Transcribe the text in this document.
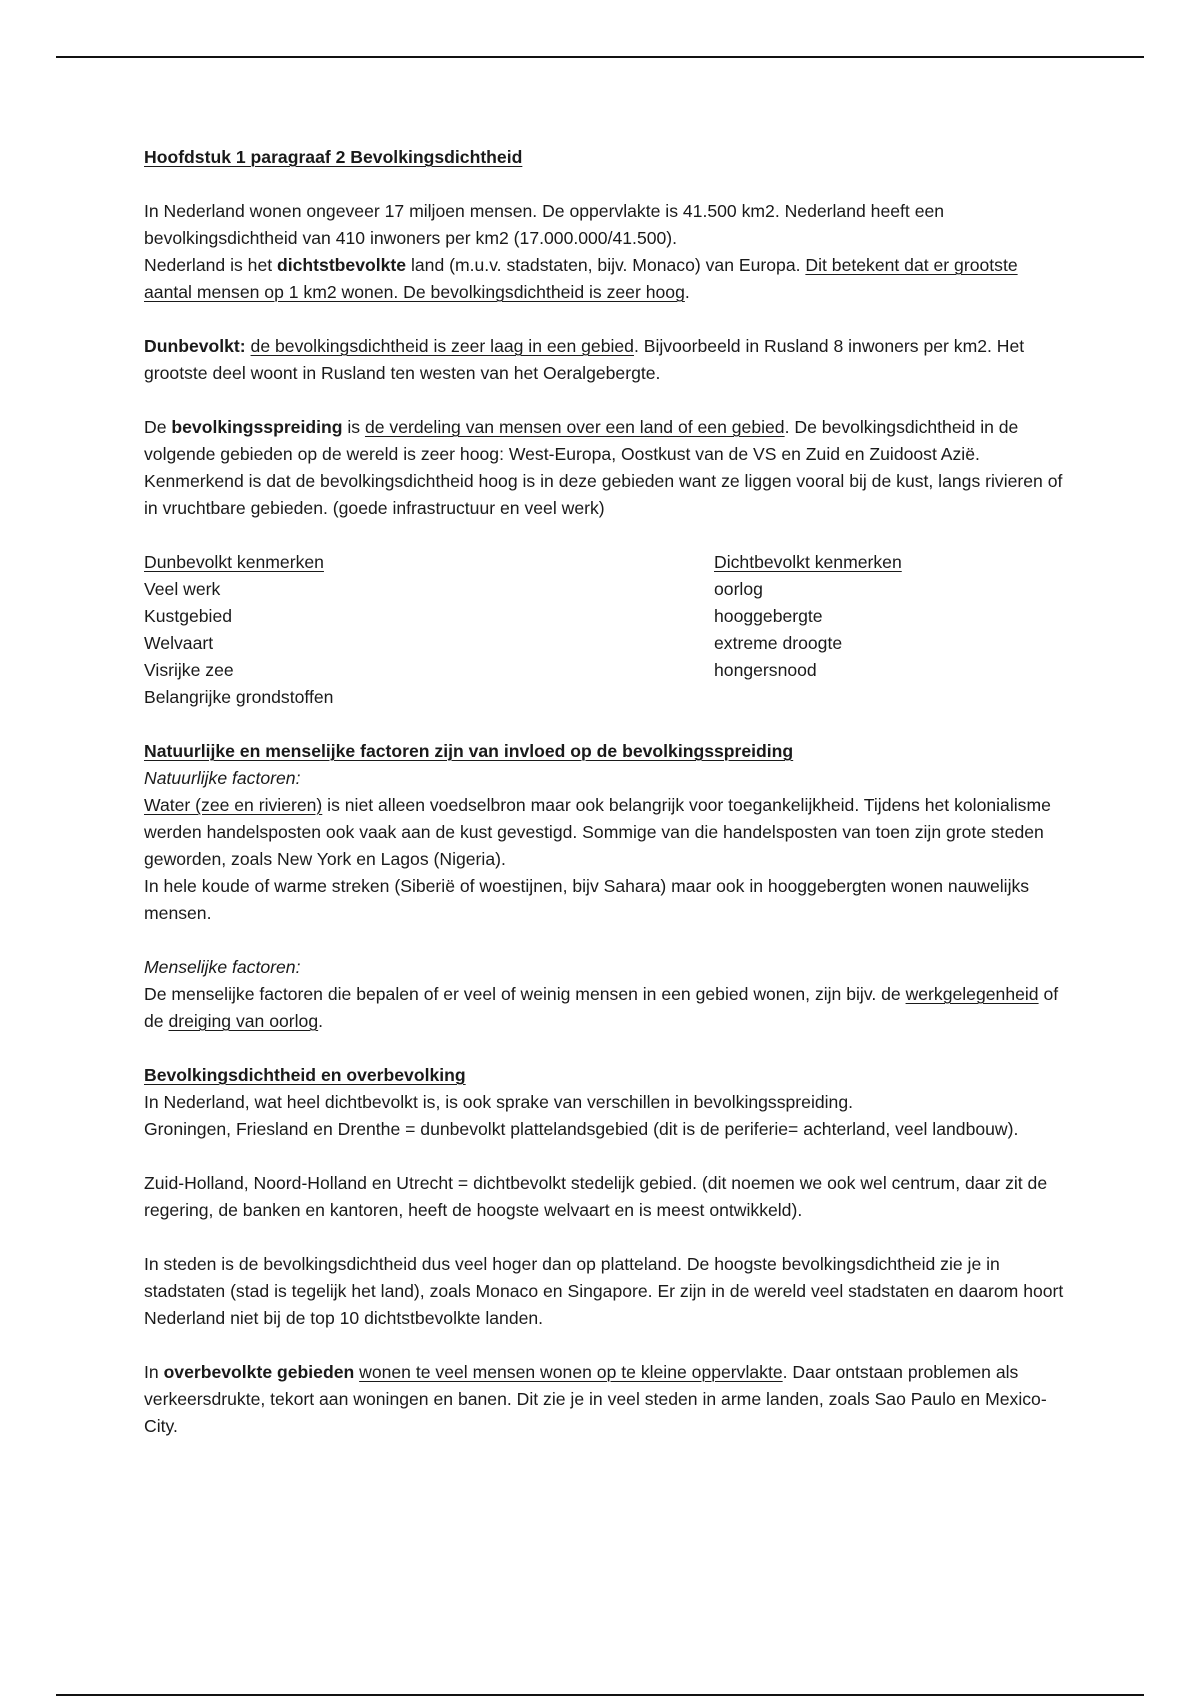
Hoofdstuk 1 paragraaf 2 Bevolkingsdichtheid

In Nederland wonen ongeveer 17 miljoen mensen. De oppervlakte is 41.500 km2. Nederland heeft een bevolkingsdichtheid van 410 inwoners per km2 (17.000.000/41.500).
Nederland is het dichtstbevolkte land (m.u.v. stadstaten, bijv. Monaco) van Europa. Dit betekent dat er grootste aantal mensen op 1 km2 wonen. De bevolkingsdichtheid is zeer hoog.

Dunbevolkt: de bevolkingsdichtheid is zeer laag in een gebied. Bijvoorbeeld in Rusland 8 inwoners per km2. Het grootste deel woont in Rusland ten westen van het Oeralgebergte.

De bevolkingsspreiding is de verdeling van mensen over een land of een gebied. De bevolkingsdichtheid in de volgende gebieden op de wereld is zeer hoog: West-Europa, Oostkust van de VS en Zuid en Zuidoost Azië. Kenmerkend is dat de bevolkingsdichtheid hoog is in deze gebieden want ze liggen vooral bij de kust, langs rivieren of in vruchtbare gebieden. (goede infrastructuur en veel werk)

Dunbevolkt kenmerken
Veel werk
Kustgebied
Welvaart
Visrijke zee
Belangrijke grondstoffen
Dichtbevolkt kenmerken
oorlog
hooggebergte
extreme droogte
hongersnood

Natuurlijke en menselijke factoren zijn van invloed op de bevolkingsspreiding

Natuurlijke factoren:

Water (zee en rivieren) is niet alleen voedselbron maar ook belangrijk voor toegankelijkheid. Tijdens het kolonialisme werden handelsposten ook vaak aan de kust gevestigd. Sommige van die handelsposten van toen zijn grote steden geworden, zoals New York en Lagos (Nigeria).
In hele koude of warme streken (Siberië of woestijnen, bijv Sahara) maar ook in hooggebergten wonen nauwelijks mensen.

Menselijke factoren:

De menselijke factoren die bepalen of er veel of weinig mensen in een gebied wonen, zijn bijv. de werkgelegenheid of de dreiging van oorlog.

Bevolkingsdichtheid en overbevolking

In Nederland, wat heel dichtbevolkt is, is ook sprake van verschillen in bevolkingsspreiding.
Groningen, Friesland en Drenthe = dunbevolkt plattelandsgebied (dit is de periferie= achterland, veel landbouw).

Zuid-Holland, Noord-Holland en Utrecht = dichtbevolkt stedelijk gebied. (dit noemen we ook wel centrum, daar zit de regering, de banken en kantoren, heeft de hoogste welvaart en is meest ontwikkeld).

In steden is de bevolkingsdichtheid dus veel hoger dan op platteland. De hoogste bevolkingsdichtheid zie je in stadstaten (stad is tegelijk het land), zoals Monaco en Singapore. Er zijn in de wereld veel stadstaten en daarom hoort Nederland niet bij de top 10 dichtstbevolkte landen.

In overbevolkte gebieden wonen te veel mensen wonen op te kleine oppervlakte. Daar ontstaan problemen als verkeersdrukte, tekort aan woningen en banen. Dit zie je in veel steden in arme landen, zoals Sao Paulo en Mexico-City.
